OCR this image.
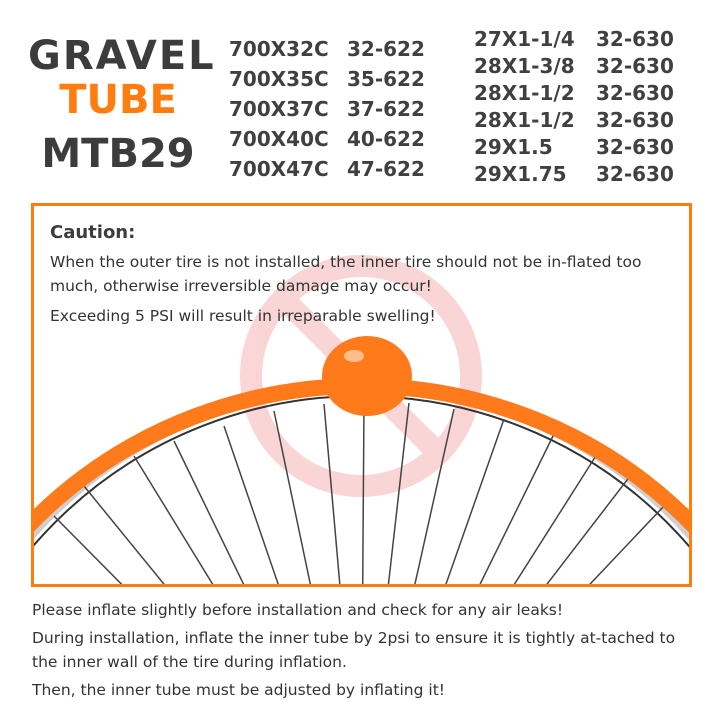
GRAVEL
TUBE
MTB29
700X32C 32-622
700X35C 35-622
700X37C 37-622
700X40C 40-622
700X47C 47-622
27X1-1/4	32-630
28X1-3/8	32-630
28X1-1/2	32-630
28X1-1/2	32-630
29X1.5	32-630
29X1.75	32-630
Caution:

When the outer tire is not installed, the inner tire should not be in-flated too much, otherwise irreversible damage may occur!

Exceeding 5 PSI will result in irreparable swelling!

Please inflate slightly before installation and check for any air leaks!

During installation, inflate the inner tube by 2psi to ensure it is tightly at-tached to the inner wall of the tire during inflation.

Then, the inner tube must be adjusted by inflating it!
